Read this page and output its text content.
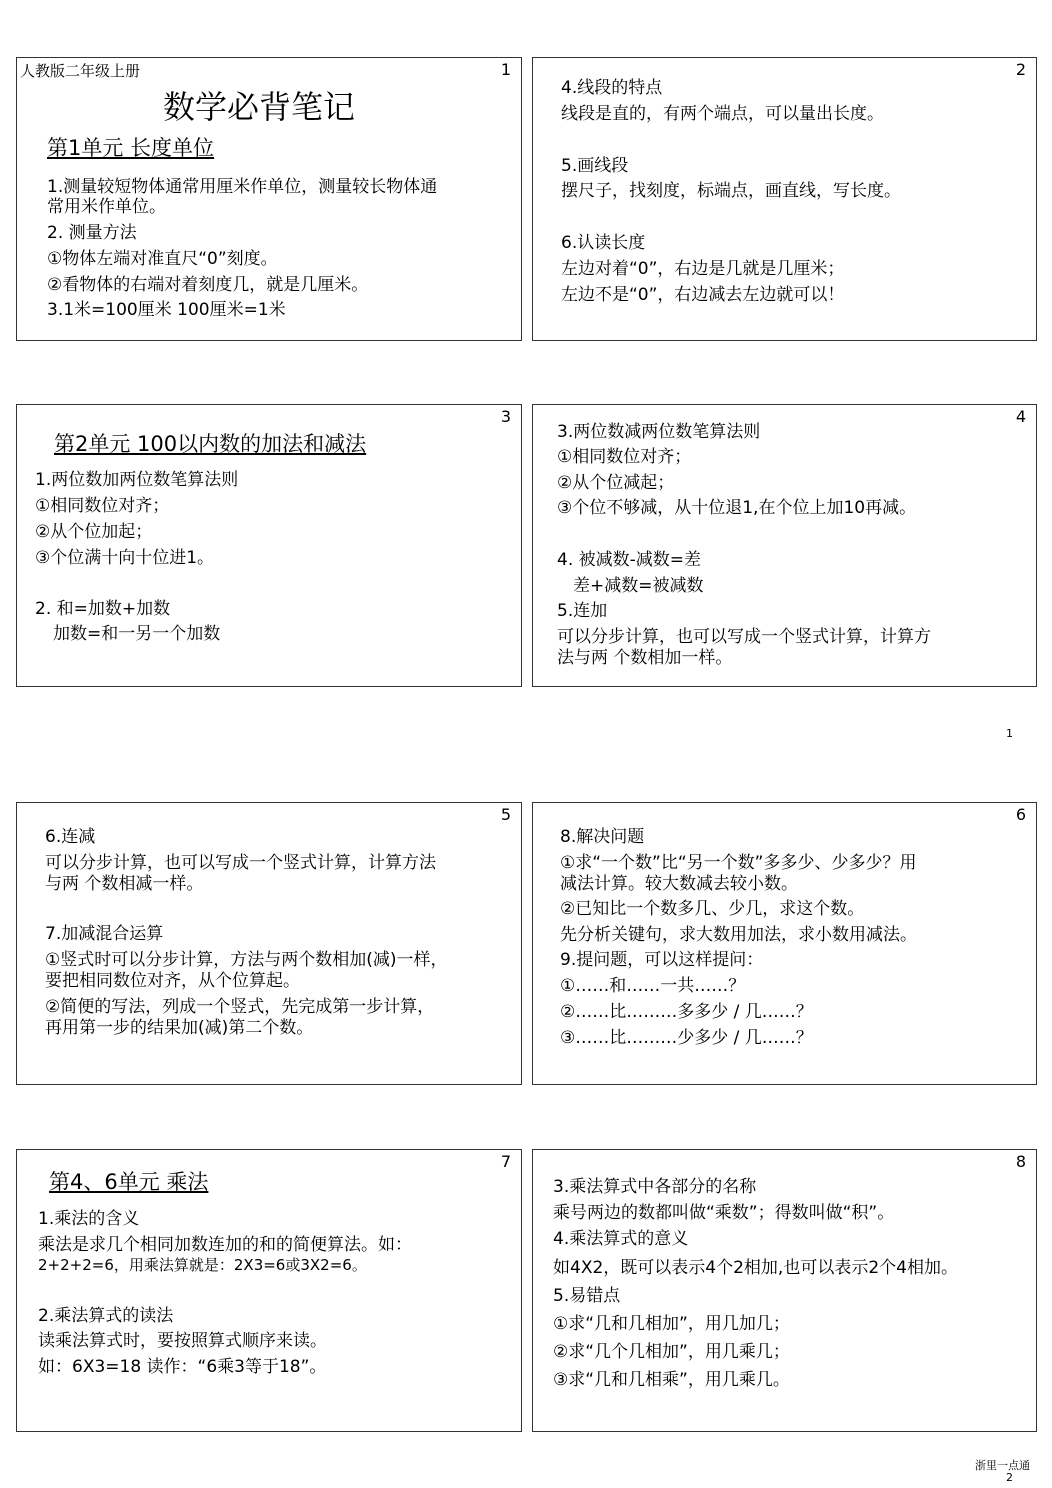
1
人教版二年级上册
数学必背笔记
第1单元 长度单位
1.测量较短物体通常用厘米作单位，测量较长物体通
常用米作单位。
2. 测量方法
①物体左端对准直尺“0”刻度。
②看物体的右端对着刻度几，就是几厘米。
3.1米=100厘米 100厘米=1米
2
4.线段的特点
线段是直的，有两个端点，可以量出长度。
5.画线段
摆尺子，找刻度，标端点，画直线，写长度。
6.认读长度
左边对着“0”，右边是几就是几厘米；
左边不是“0”，右边减去左边就可以！
3
第2单元 100以内数的加法和减法
1.两位数加两位数笔算法则
①相同数位对齐；
②从个位加起；
③个位满十向十位进1。
2. 和=加数+加数
加数=和一另一个加数
4
3.两位数减两位数笔算法则
①相同数位对齐；
②从个位减起；
③个位不够减，从十位退1,在个位上加10再减。
4. 被减数-减数=差
差+减数=被减数
5.连加
可以分步计算，也可以写成一个竖式计算，计算方
法与两 个数相加一样。
1
5
6.连减
可以分步计算，也可以写成一个竖式计算，计算方法
与两 个数相减一样。
7.加减混合运算
①竖式时可以分步计算，方法与两个数相加(减)一样，
要把相同数位对齐，从个位算起。
②简便的写法，列成一个竖式，先完成第一步计算，
再用第一步的结果加(减)第二个数。
6
8.解决问题
①求“一个数”比“另一个数”多多少、少多少？用
减法计算。较大数减去较小数。
②已知比一个数多几、少几，求这个数。
先分析关键句，求大数用加法，求小数用减法。
9.提问题，可以这样提问：
①……和……一共……？
②……比………多多少 / 几……？
③……比………少多少 / 几……？
7
第4、6单元 乘法
1.乘法的含义
乘法是求几个相同加数连加的和的简便算法。如：
2+2+2=6，用乘法算就是：2X3=6或3X2=6。
2.乘法算式的读法
读乘法算式时，要按照算式顺序来读。
如：6X3=18 读作：“6乘3等于18”。
8
3.乘法算式中各部分的名称
乘号两边的数都叫做“乘数”；得数叫做“积”。
4.乘法算式的意义
如4X2，既可以表示4个2相加,也可以表示2个4相加。
5.易错点
①求“几和几相加”，用几加几；
②求“几个几相加”，用几乘几；
③求“几和几相乘”，用几乘几。
浙里一点通
2
